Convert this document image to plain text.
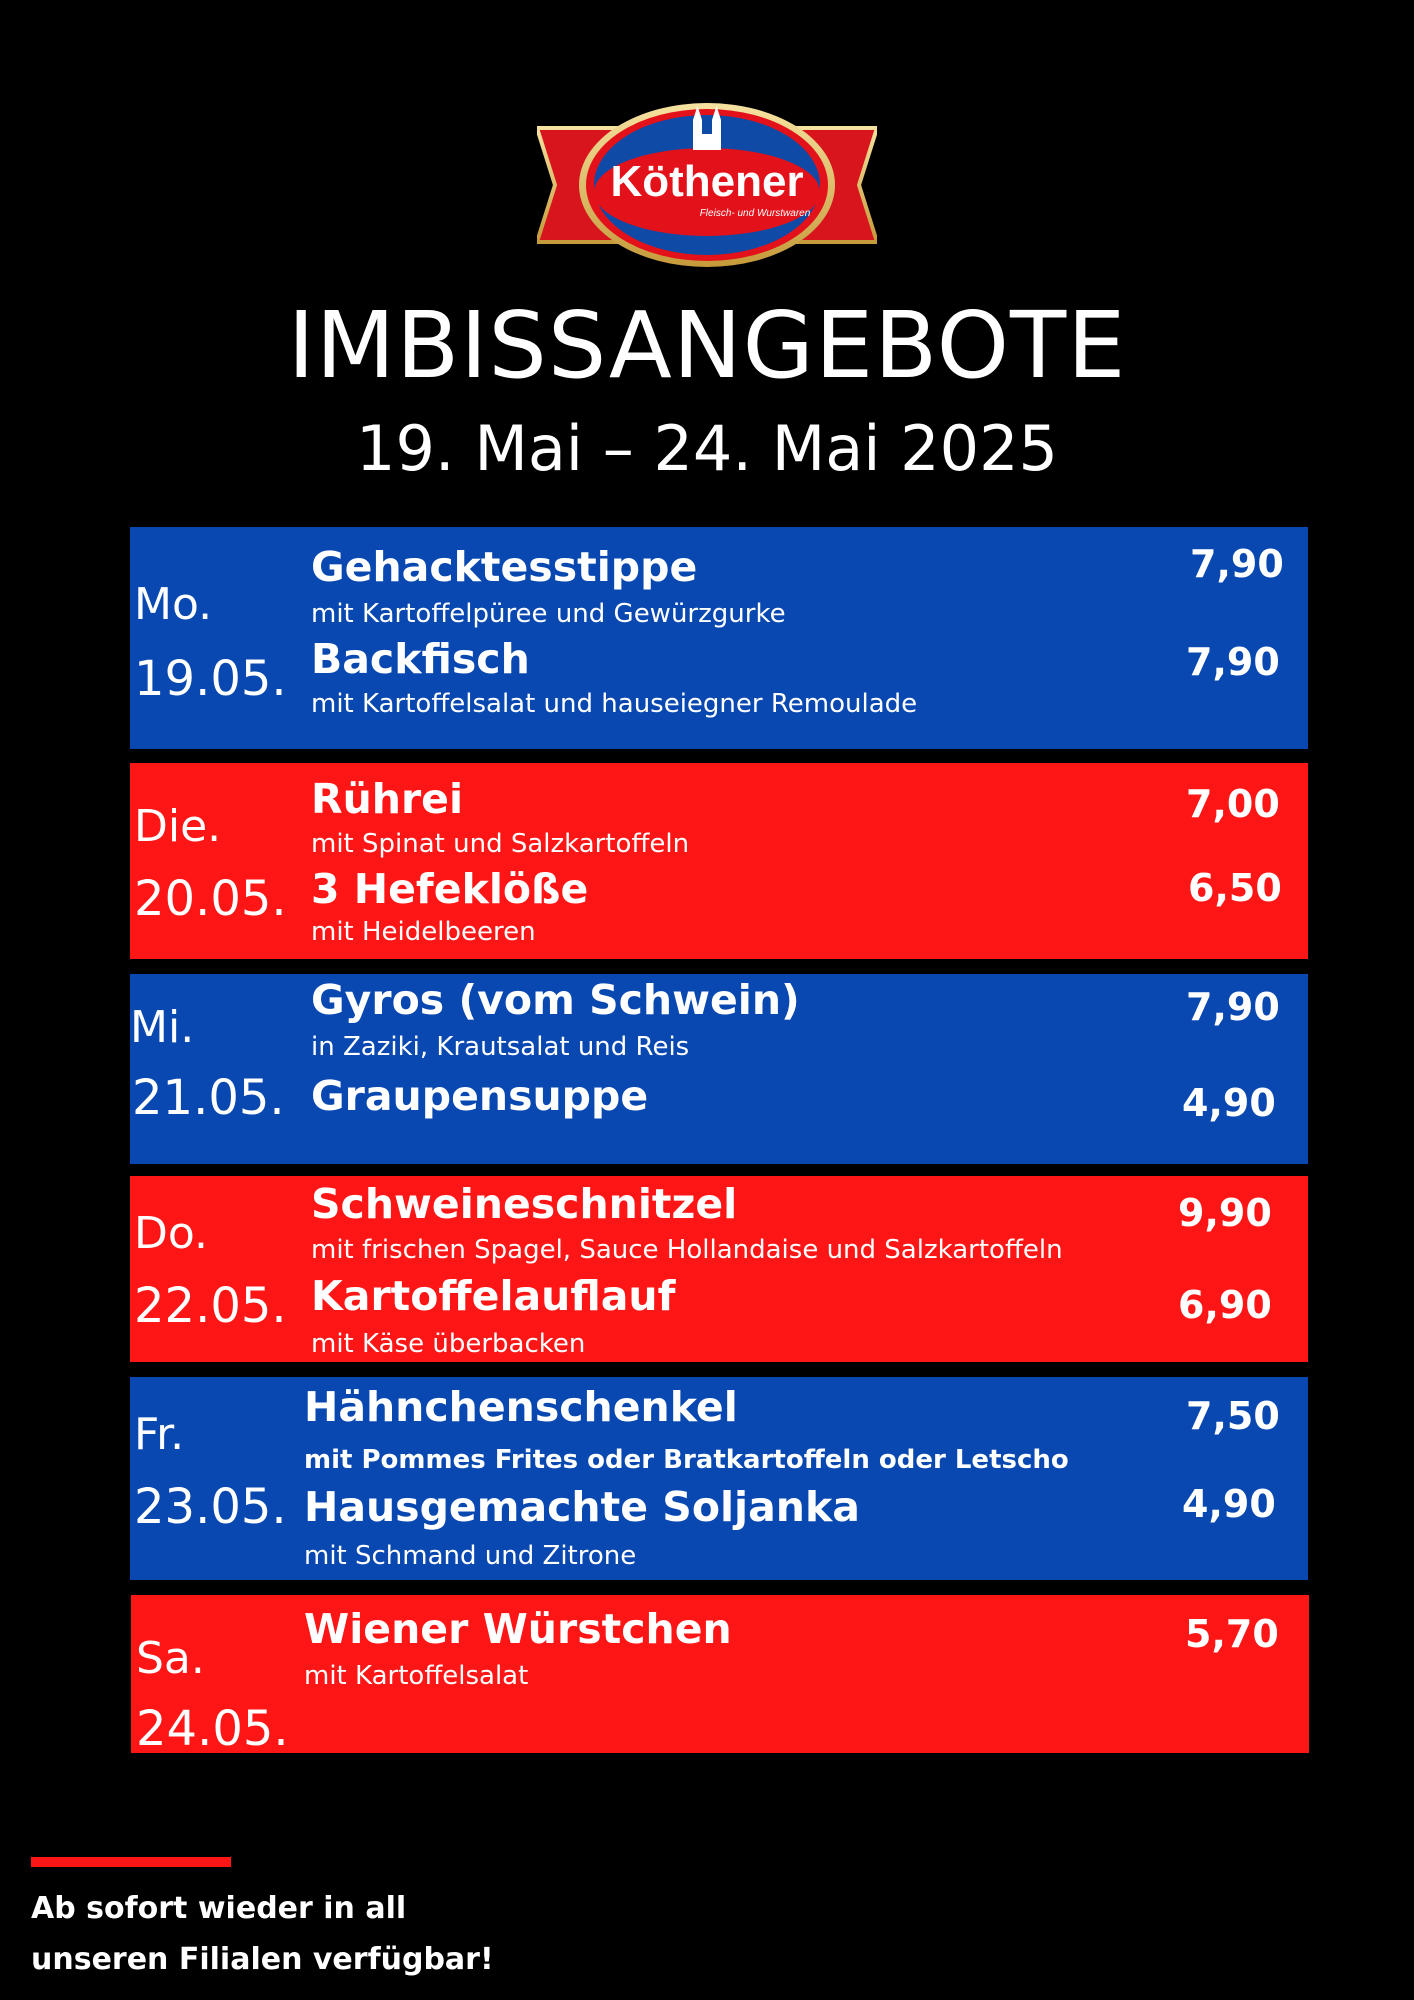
Köthener
Fleisch- und Wurstwaren
IMBISSANGEBOTE
19. Mai – 24. Mai 2025
Mo.
19.05.
Gehacktesstippe
mit Kartoffelpüree und Gewürzgurke
7,90
Backfisch
mit Kartoffelsalat und hauseiegner Remoulade
7,90
Die.
20.05.
Rührei
mit Spinat und Salzkartoffeln
7,00
3 Hefeklöße
mit Heidelbeeren
6,50
Mi.
21.05.
Gyros (vom Schwein)
in Zaziki, Krautsalat und Reis
7,90
Graupensuppe	4,90
Do.
22.05.
Schweineschnitzel
mit frischen Spagel, Sauce Hollandaise und Salzkartoffeln
9,90
Kartoffelauflauf
mit Käse überbacken
6,90
Fr.
23.05.
Hähnchenschenkel
mit Pommes Frites oder Bratkartoffeln oder Letscho
7,50
Hausgemachte Soljanka
mit Schmand und Zitrone
4,90
Sa.
24.05.
Wiener Würstchen
mit Kartoffelsalat
5,70
Ab sofort wieder in all
unseren Filialen verfügbar!
